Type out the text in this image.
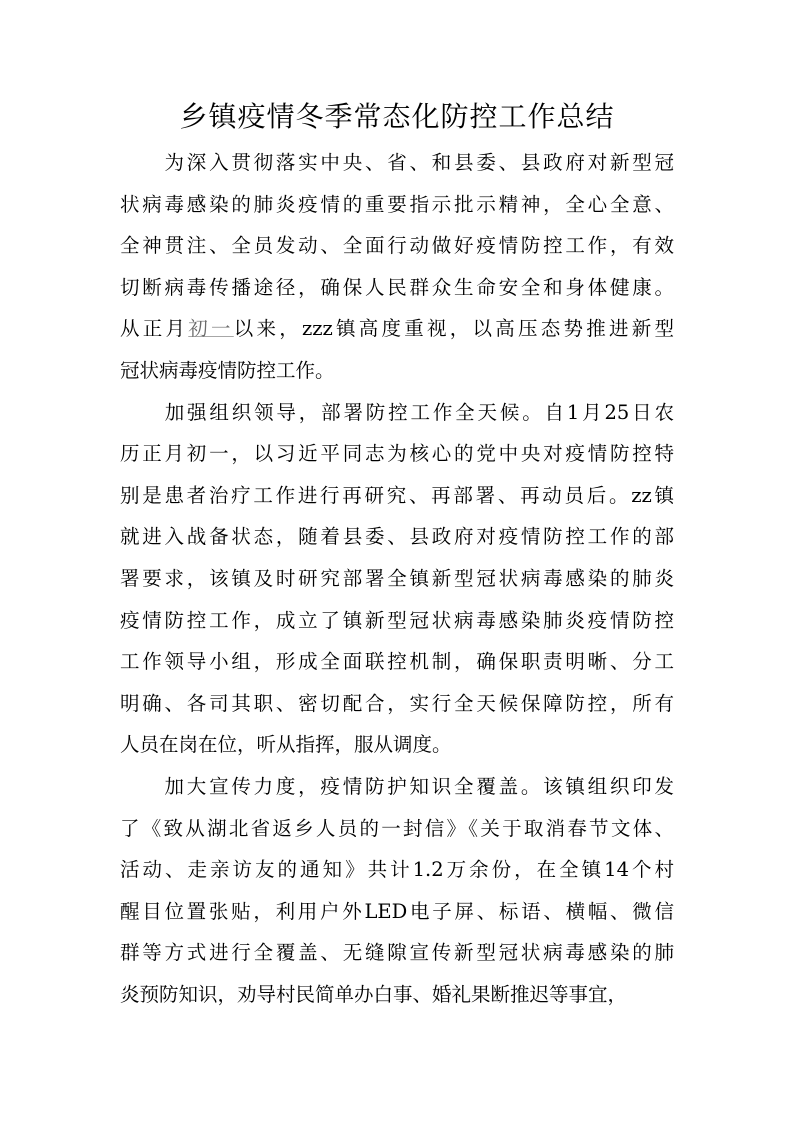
乡镇疫情冬季常态化防控工作总结
　　为深入贯彻落实中央、省、和县委、县政府对新型冠
状病毒感染的肺炎疫情的重要指示批示精神，全心全意、
全神贯注、全员发动、全面行动做好疫情防控工作，有效
切断病毒传播途径，确保人民群众生命安全和身体健康。
从正月初一以来，zzz镇高度重视，以高压态势推进新型
冠状病毒疫情防控工作。
　　加强组织领导，部署防控工作全天候。自1月25日农
历正月初一，以习近平同志为核心的党中央对疫情防控特
别是患者治疗工作进行再研究、再部署、再动员后。zz镇
就进入战备状态，随着县委、县政府对疫情防控工作的部
署要求，该镇及时研究部署全镇新型冠状病毒感染的肺炎
疫情防控工作，成立了镇新型冠状病毒感染肺炎疫情防控
工作领导小组，形成全面联控机制，确保职责明晰、分工
明确、各司其职、密切配合，实行全天候保障防控，所有
人员在岗在位，听从指挥，服从调度。
　　加大宣传力度，疫情防护知识全覆盖。该镇组织印发
了《致从湖北省返乡人员的一封信》《关于取消春节文体、
活动、走亲访友的通知》共计1.2万余份，在全镇14个村
醒目位置张贴，利用户外LED电子屏、标语、横幅、微信
群等方式进行全覆盖、无缝隙宣传新型冠状病毒感染的肺
炎预防知识，劝导村民简单办白事、婚礼果断推迟等事宜，
